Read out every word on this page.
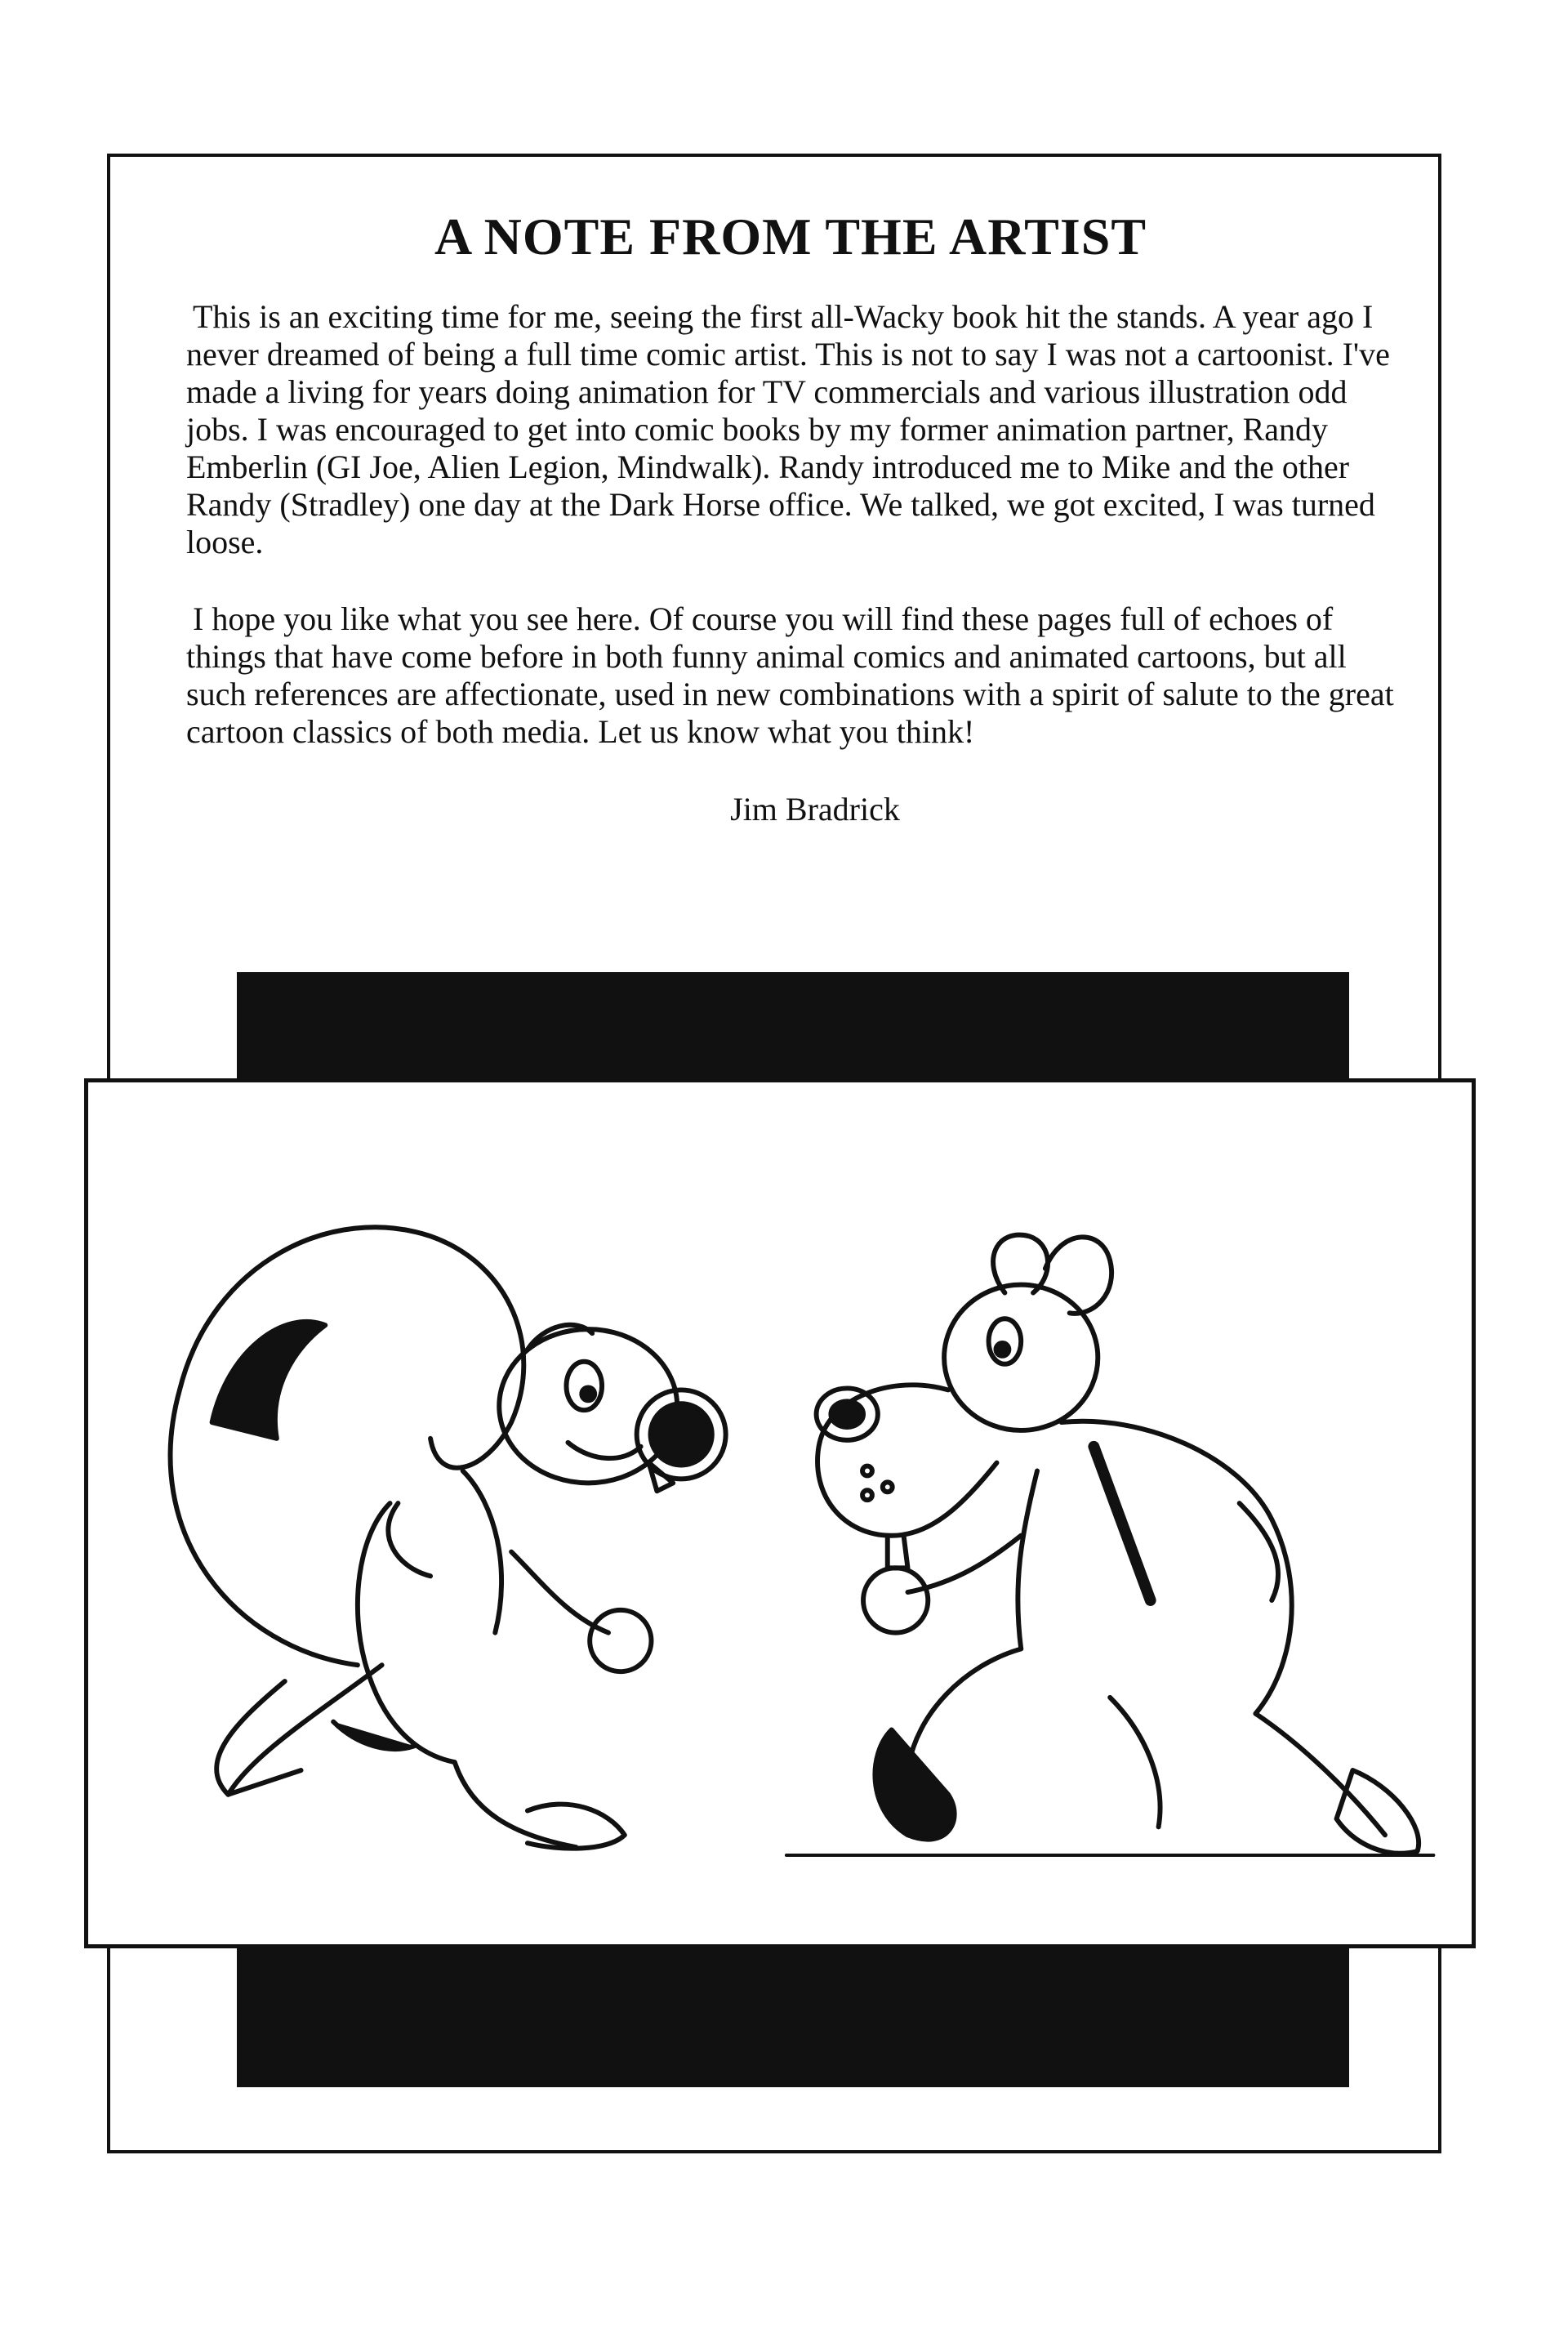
A NOTE FROM THE ARTIST

This is an exciting time for me, seeing the first all-Wacky book hit the stands. A year ago I never dreamed of being a full time comic artist. This is not to say I was not a cartoonist. I've made a living for years doing animation for TV commercials and various illustration odd jobs. I was encouraged to get into comic books by my former animation partner, Randy Emberlin (GI Joe, Alien Legion, Mindwalk). Randy introduced me to Mike and the other Randy (Stradley) one day at the Dark Horse office. We talked, we got excited, I was turned loose.

I hope you like what you see here. Of course you will find these pages full of echoes of things that have come before in both funny animal comics and animated cartoons, but all such references are affectionate, used in new combinations with a spirit of salute to the great cartoon classics of both media. Let us know what you think!

Jim Bradrick
